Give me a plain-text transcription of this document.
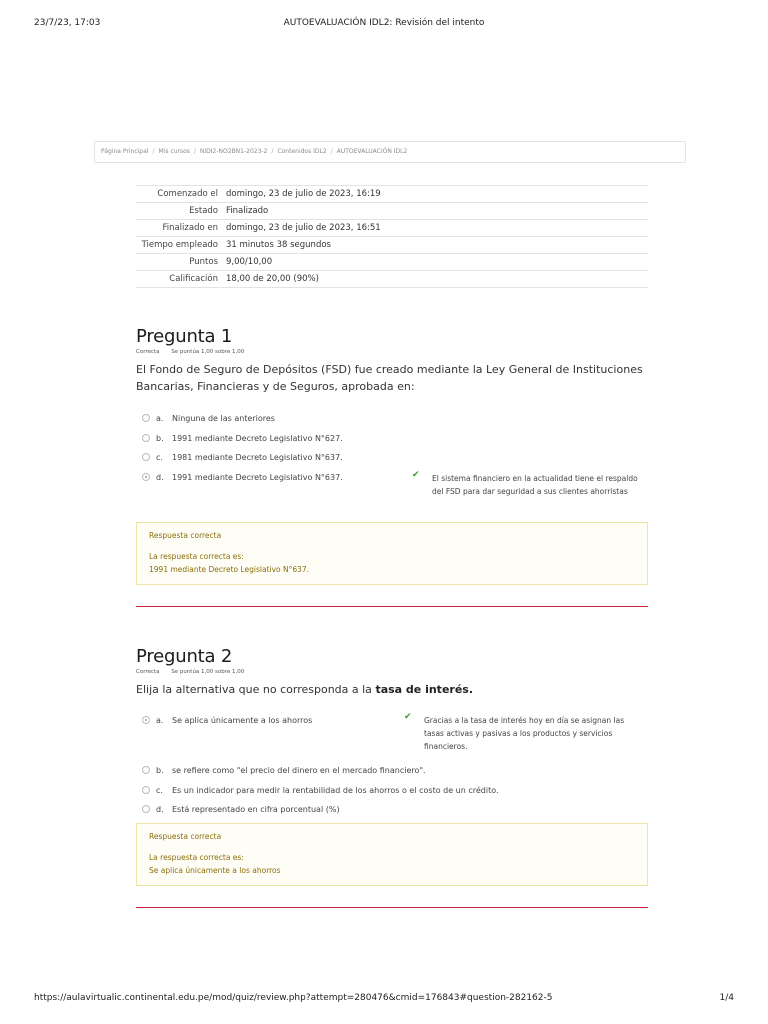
23/7/23, 17:03	AUTOEVALUACIÓN IDL2: Revisión del intento
Página Principal / Mis cursos / NIDI2-NO2BN1-2023-2 / Contenidos IDL2 / AUTOEVALUACIÓN IDL2
Comenzado el domingo, 23 de julio de 2023, 16:19
Estado Finalizado
Finalizado en domingo, 23 de julio de 2023, 16:51
Tiempo empleado 31 minutos 38 segundos
Puntos 9,00/10,00
Calificación 18,00 de 20,00 (90%)
Pregunta 1
Correcta Se puntúa 1,00 sobre 1,00

El Fondo de Seguro de Depósitos (FSD) fue creado mediante la Ley General de Instituciones Bancarias, Financieras y de Seguros, aprobada en:

a.	Ninguna de las anteriores
b.	1991 mediante Decreto Legislativo N°627.
c.	1981 mediante Decreto Legislativo N°637.
d.	1991 mediante Decreto Legislativo N°637.	✔ El sistema financiero en la actualidad tiene el respaldo del FSD para dar seguridad a sus clientes ahorristas
Respuesta correcta
La respuesta correcta es:
1991 mediante Decreto Legislativo N°637.
Pregunta 2
Correcta Se puntúa 1,00 sobre 1,00

Elija la alternativa que no corresponda a la tasa de interés.

a.	Se aplica únicamente a los ahorros	✔ Gracias a la tasa de interés hoy en día se asignan las tasas activas y pasivas a los productos y servicios financieros.
b.	se refiere como "el precio del dinero en el mercado financiero".
c.	Es un indicador para medir la rentabilidad de los ahorros o el costo de un crédito.
d.	Está representado en cifra porcentual (%)
Respuesta correcta
La respuesta correcta es:
Se aplica únicamente a los ahorros
https://aulavirtualic.continental.edu.pe/mod/quiz/review.php?attempt=280476&cmid=176843#question-282162-5	1/4
